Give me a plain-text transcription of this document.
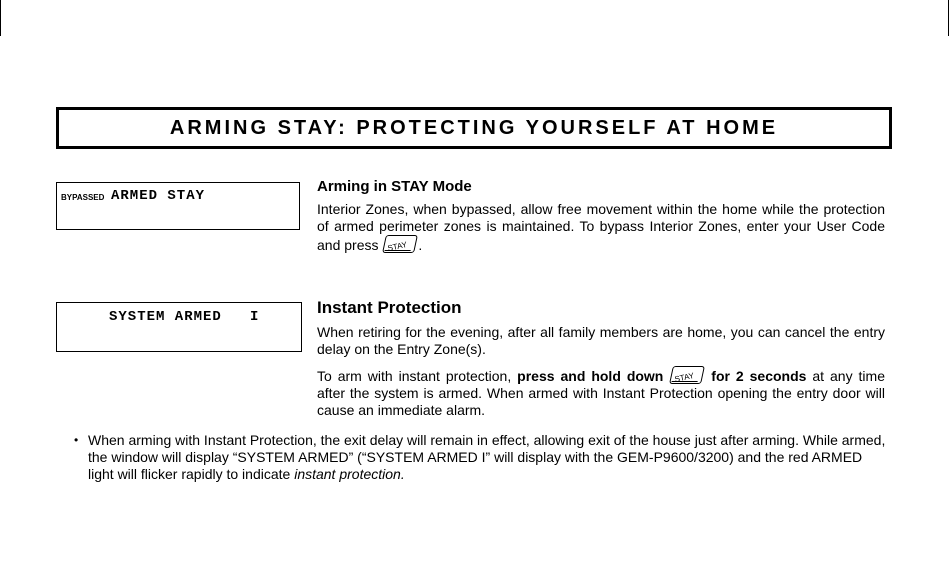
ARMING STAY: PROTECTING YOURSELF AT HOME
BYPASSED ARMED STAY
SYSTEM ARMED   I

Arming in STAY Mode

Interior Zones, when bypassed, allow free movement within the home while the protection of armed perimeter zones is maintained. To bypass Interior Zones, enter your User Code and press STAY .

Instant Protection

When retiring for the evening, after all family members are home, you can cancel the entry delay on the Entry Zone(s).

To arm with instant protection, press and hold down STAY for 2 seconds at any time after the system is armed. When armed with Instant Protection opening the entry door will cause an immediate alarm.

• When arming with Instant Protection, the exit delay will remain in effect, allowing exit of the house just after arming. While armed, the window will display “SYSTEM ARMED” (“SYSTEM ARMED I” will display with the GEM-P9600/3200) and the red ARMED light will flicker rapidly to indicate instant protection.
